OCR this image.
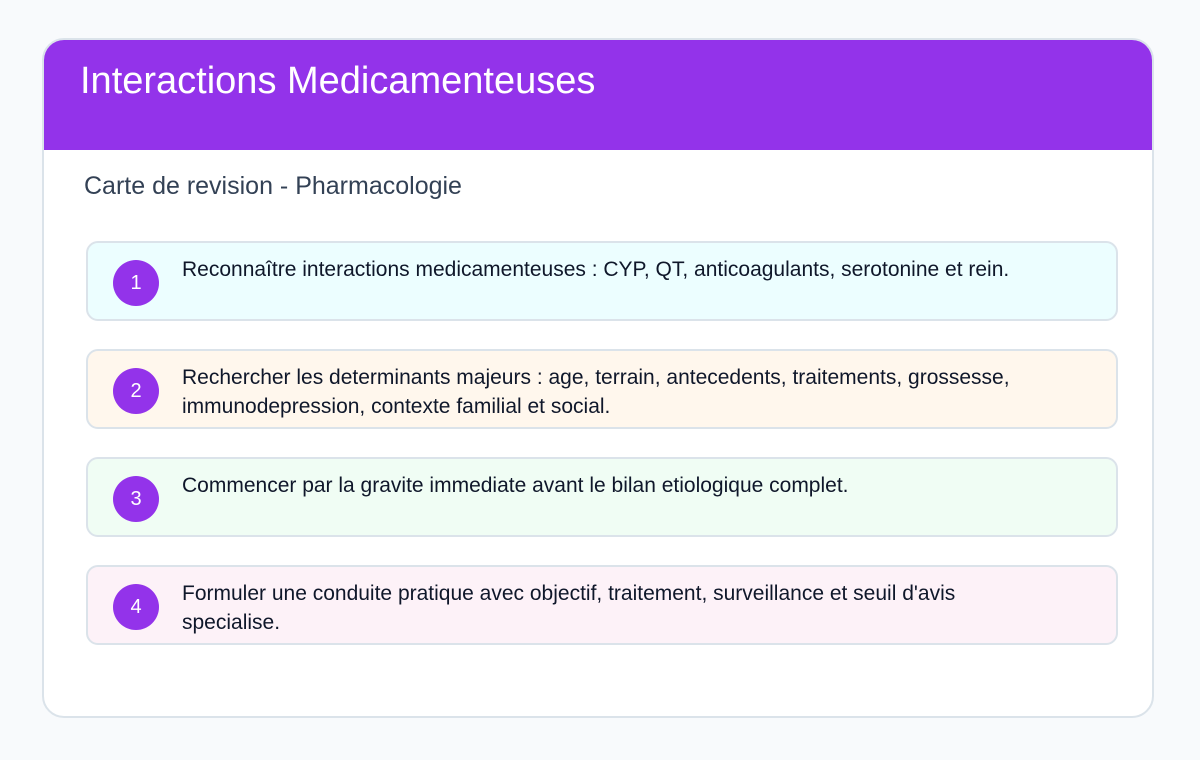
Interactions Medicamenteuses
Carte de revision - Pharmacologie
1
Reconnaître interactions medicamenteuses : CYP, QT, anticoagulants, serotonine et rein.
2
Rechercher les determinants majeurs : age, terrain, antecedents, traitements, grossesse, immunodepression, contexte familial et social.
3
Commencer par la gravite immediate avant le bilan etiologique complet.
4
Formuler une conduite pratique avec objectif, traitement, surveillance et seuil d'avis specialise.
